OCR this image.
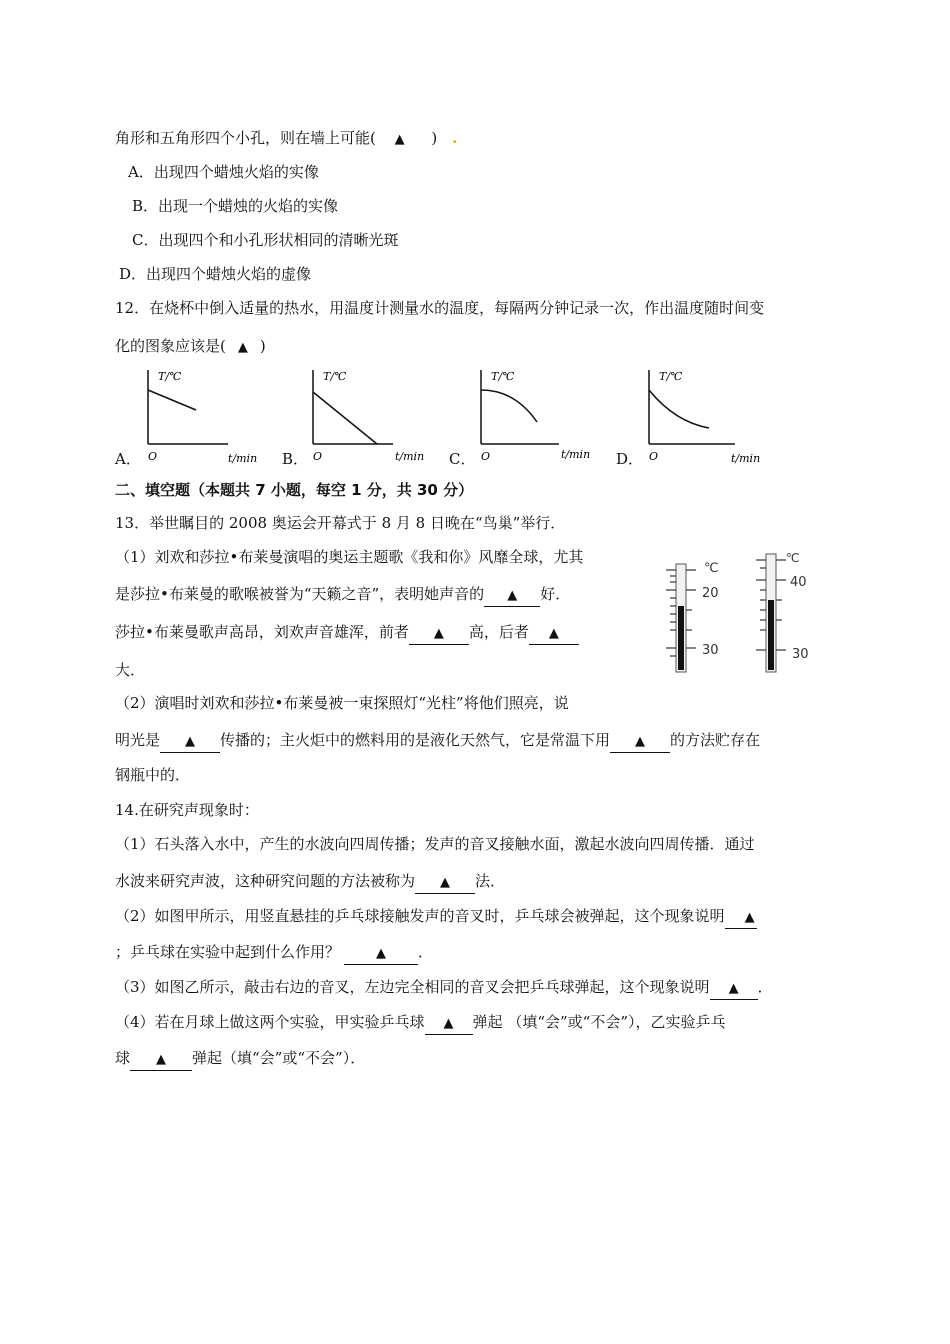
角形和五角形四个小孔，则在墙上可能( ▲ ) .
A．出现四个蜡烛火焰的实像
B．出现一个蜡烛的火焰的实像
C．出现四个和小孔形状相同的清晰光斑
D．出现四个蜡烛火焰的虚像
12．在烧杯中倒入适量的热水，用温度计测量水的温度，每隔两分钟记录一次，作出温度随时间变
化的图象应该是( ▲ )
A．
T/℃
O	t/min B．
T/℃
O	t/min C．
T/℃
O	t/min D．
T/℃
O	t/min
二、填空题（本题共 7 小题，每空 1 分，共 30 分）
13．举世瞩目的 2008 奥运会开幕式于 8 月 8 日晚在“鸟巢”举行．
（1）刘欢和莎拉•布莱曼演唱的奥运主题歌《我和你》风靡全球，尤其
是莎拉•布莱曼的歌喉被誉为“天籁之音”，表明她声音的 ▲ 好．
莎拉•布莱曼歌声高昂，刘欢声音雄浑，前者 ▲ 高，后者 ▲
大．
（2）演唱时刘欢和莎拉•布莱曼被一束探照灯“光柱”将他们照亮，说
明光是 ▲ 传播的；主火炬中的燃料用的是液化天然气，它是常温下用 ▲ 的方法贮存在
钢瓶中的．
℃
20
30
℃
40
30
14.在研究声现象时：
（1）石头落入水中，产生的水波向四周传播；发声的音叉接触水面，激起水波向四周传播．通过
水波来研究声波，这种研究问题的方法被称为 ▲ 法．
（2）如图甲所示，用竖直悬挂的乒乓球接触发声的音叉时，乒乓球会被弹起，这个现象说明 ▲
；乒乓球在实验中起到什么作用？	▲ ．
（3）如图乙所示，敲击右边的音叉，左边完全相同的音叉会把乒乓球弹起，这个现象说明 ▲ ．
（4）若在月球上做这两个实验，甲实验乒乓球 ▲ 弹起 （填“会”或“不会”），乙实验乒乓
球 ▲ 弹起（填“会”或“不会”）．
